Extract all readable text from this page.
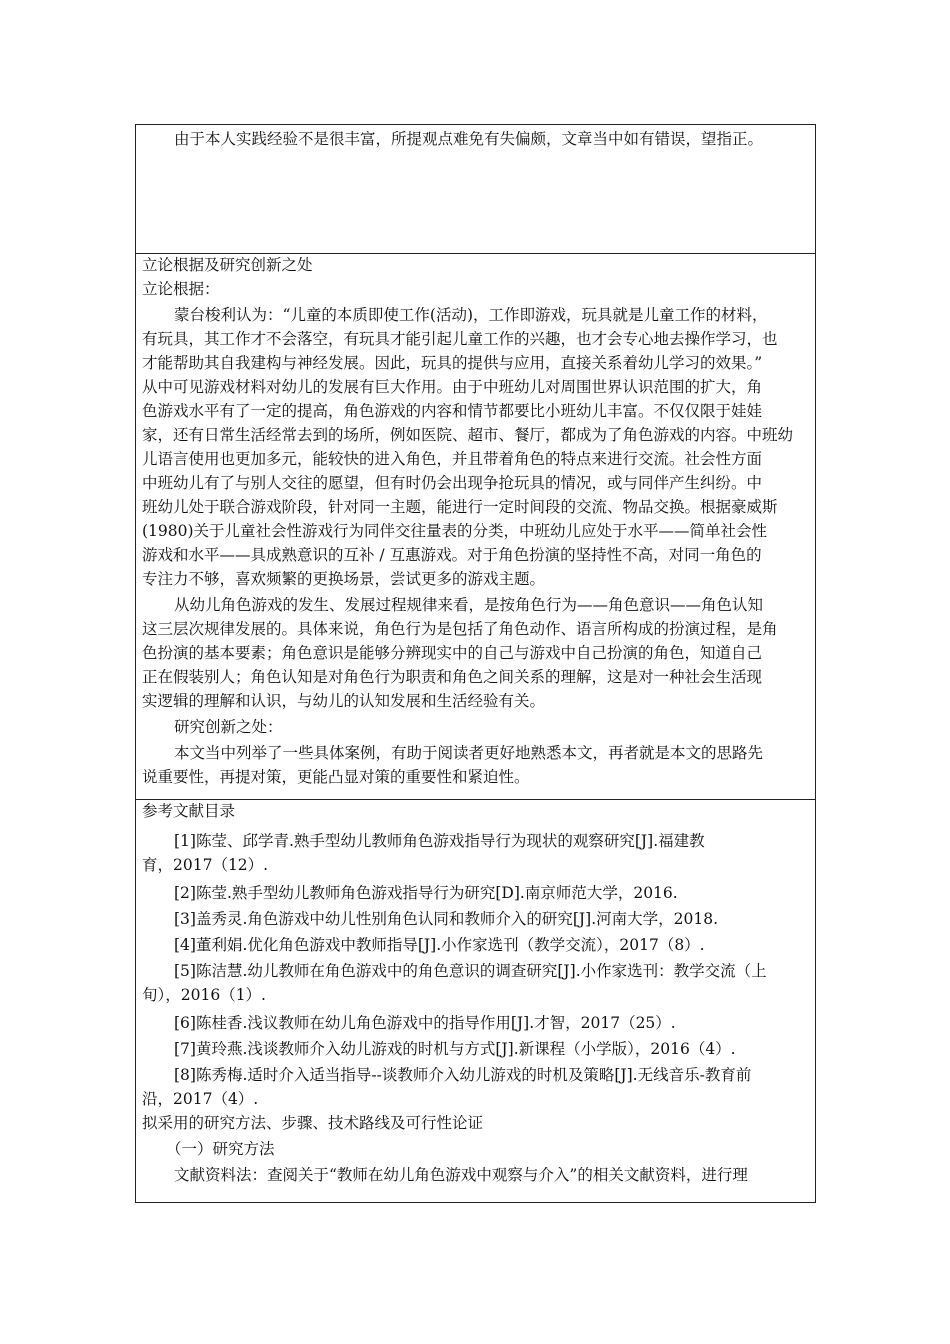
由于本人实践经验不是很丰富，所提观点难免有失偏颇，文章当中如有错误，望指正。
立论根据及研究创新之处
立论根据：
蒙台梭利认为：“儿童的本质即使工作(活动)，工作即游戏，玩具就是儿童工作的材料，
有玩具，其工作才不会落空，有玩具才能引起儿童工作的兴趣，也才会专心地去操作学习，也
才能帮助其自我建构与神经发展。因此，玩具的提供与应用，直接关系着幼儿学习的效果。”
从中可见游戏材料对幼儿的发展有巨大作用。由于中班幼儿对周围世界认识范围的扩大，角
色游戏水平有了一定的提高，角色游戏的内容和情节都要比小班幼儿丰富。不仅仅限于娃娃
家，还有日常生活经常去到的场所，例如医院、超市、餐厅，都成为了角色游戏的内容。中班幼
儿语言使用也更加多元，能较快的进入角色，并且带着角色的特点来进行交流。社会性方面
中班幼儿有了与别人交往的愿望，但有时仍会出现争抢玩具的情况，或与同伴产生纠纷。中
班幼儿处于联合游戏阶段，针对同一主题，能进行一定时间段的交流、物品交换。根据豪威斯
(1980)关于儿童社会性游戏行为同伴交往量表的分类，中班幼儿应处于水平——简单社会性
游戏和水平——具成熟意识的互补 / 互惠游戏。对于角色扮演的坚持性不高，对同一角色的
专注力不够，喜欢频繁的更换场景，尝试更多的游戏主题。
从幼儿角色游戏的发生、发展过程规律来看，是按角色行为——角色意识——角色认知
这三层次规律发展的。具体来说，角色行为是包括了角色动作、语言所构成的扮演过程，是角
色扮演的基本要素；角色意识是能够分辨现实中的自己与游戏中自己扮演的角色，知道自己
正在假装别人；角色认知是对角色行为职责和角色之间关系的理解，这是对一种社会生活现
实逻辑的理解和认识，与幼儿的认知发展和生活经验有关。
研究创新之处：
本文当中列举了一些具体案例，有助于阅读者更好地熟悉本文，再者就是本文的思路先
说重要性，再提对策，更能凸显对策的重要性和紧迫性。
参考文献目录
[1]陈莹、邱学青.熟手型幼儿教师角色游戏指导行为现状的观察研究[J].福建教
育，2017（12）.
[2]陈莹.熟手型幼儿教师角色游戏指导行为研究[D].南京师范大学，2016.
[3]盖秀灵.角色游戏中幼儿性别角色认同和教师介入的研究[J].河南大学，2018.
[4]董利娟.优化角色游戏中教师指导[J].小作家选刊（教学交流），2017（8）.
[5]陈洁慧.幼儿教师在角色游戏中的角色意识的调查研究[J].小作家选刊：教学交流（上
旬），2016（1）.
[6]陈桂香.浅议教师在幼儿角色游戏中的指导作用[J].才智，2017（25）.
[7]黄玲燕.浅谈教师介入幼儿游戏的时机与方式[J].新课程（小学版），2016（4）.
[8]陈秀梅.适时介入适当指导--谈教师介入幼儿游戏的时机及策略[J].无线音乐-教育前
沿，2017（4）.
拟采用的研究方法、步骤、技术路线及可行性论证
（一）研究方法
文献资料法：查阅关于“教师在幼儿角色游戏中观察与介入”的相关文献资料，进行理
